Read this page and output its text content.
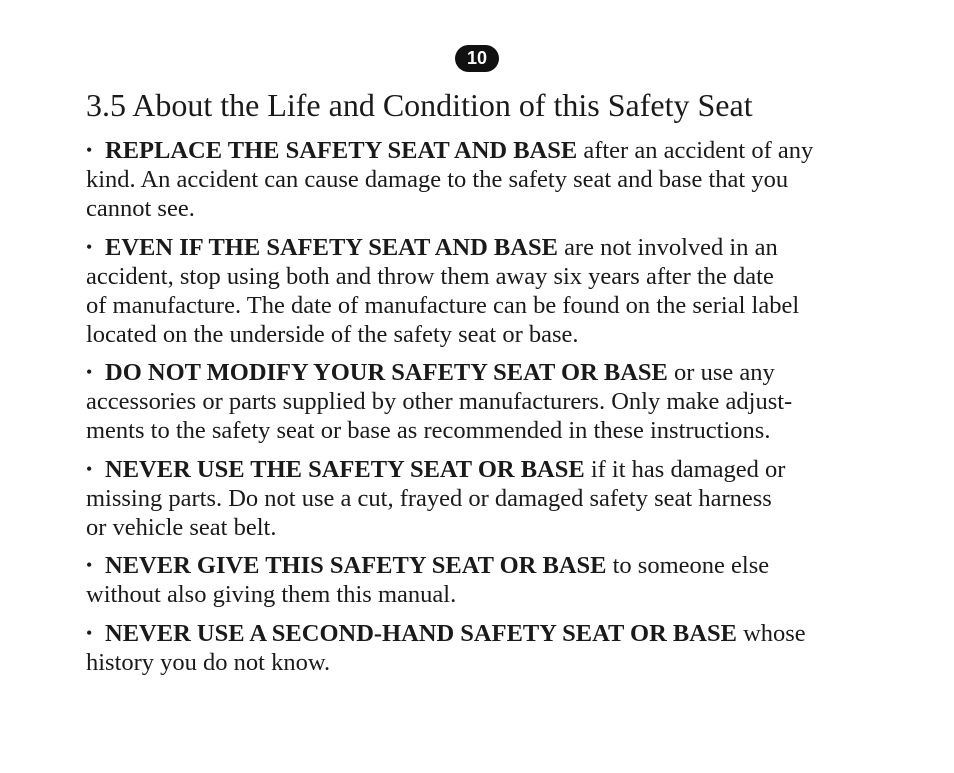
10
3.5 About the Life and Condition of this Safety Seat
• REPLACE THE SAFETY SEAT AND BASE after an accident of any
kind. An accident can cause damage to the safety seat and base that you
cannot see.
• EVEN IF THE SAFETY SEAT AND BASE are not involved in an
accident, stop using both and throw them away six years after the date
of manufacture. The date of manufacture can be found on the serial label
located on the underside of the safety seat or base.
• DO NOT MODIFY YOUR SAFETY SEAT OR BASE or use any
accessories or parts supplied by other manufacturers. Only make adjust-
ments to the safety seat or base as recommended in these instructions.
• NEVER USE THE SAFETY SEAT OR BASE if it has damaged or
missing parts. Do not use a cut, frayed or damaged safety seat harness
or vehicle seat belt.
• NEVER GIVE THIS SAFETY SEAT OR BASE to someone else
without also giving them this manual.
• NEVER USE A SECOND-HAND SAFETY SEAT OR BASE whose
history you do not know.
